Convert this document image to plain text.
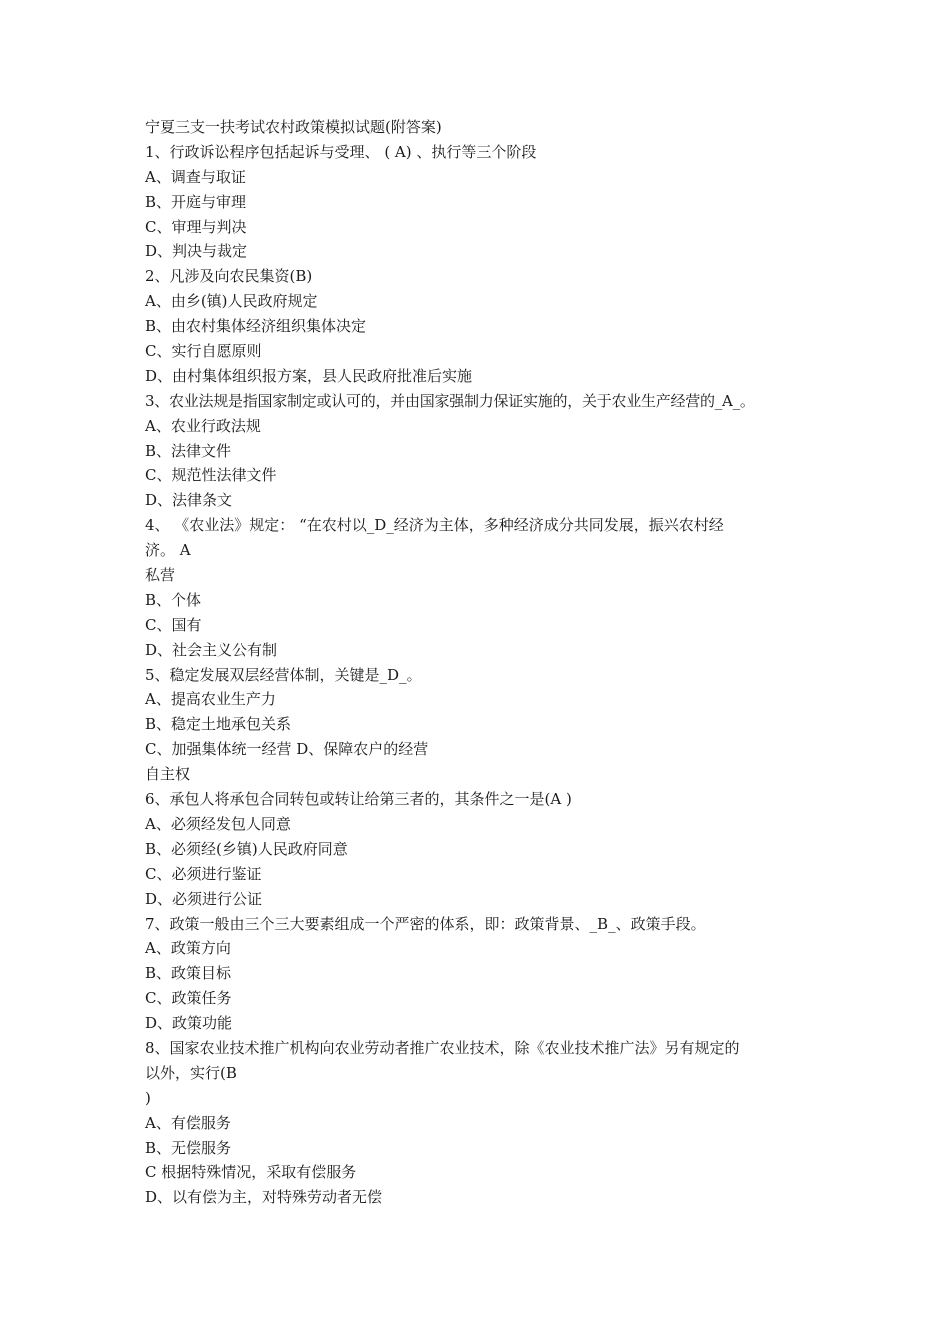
宁夏三支一扶考试农村政策模拟试题(附答案)
1、行政诉讼程序包括起诉与受理、 ( A) 、执行等三个阶段
A、调查与取证
B、开庭与审理
C、审理与判决
D、判决与裁定
2、凡涉及向农民集资(B)
A、由乡(镇)人民政府规定
B、由农村集体经济组织集体决定
C、实行自愿原则
D、由村集体组织报方案，县人民政府批准后实施
3、农业法规是指国家制定或认可的，并由国家强制力保证实施的，关于农业生产经营的_A_。
A、农业行政法规
B、法律文件
C、规范性法律文件
D、法律条文
4、 《农业法》规定： “在农村以_D_经济为主体，多种经济成分共同发展，振兴农村经
济。 A
私营
B、个体
C、国有
D、社会主义公有制
5、稳定发展双层经营体制，关键是_D_。
A、提高农业生产力
B、稳定土地承包关系
C、加强集体统一经营 D、保障农户的经营
自主权
6、承包人将承包合同转包或转让给第三者的，其条件之一是(A )
A、必须经发包人同意
B、必须经(乡镇)人民政府同意
C、必须进行鉴证
D、必须进行公证
7、政策一般由三个三大要素组成一个严密的体系，即：政策背景、_B_、政策手段。
A、政策方向
B、政策目标
C、政策任务
D、政策功能
8、国家农业技术推广机构向农业劳动者推广农业技术，除《农业技术推广法》另有规定的
以外，实行(B
)
A、有偿服务
B、无偿服务
C 根据特殊情况，采取有偿服务
D、以有偿为主，对特殊劳动者无偿
